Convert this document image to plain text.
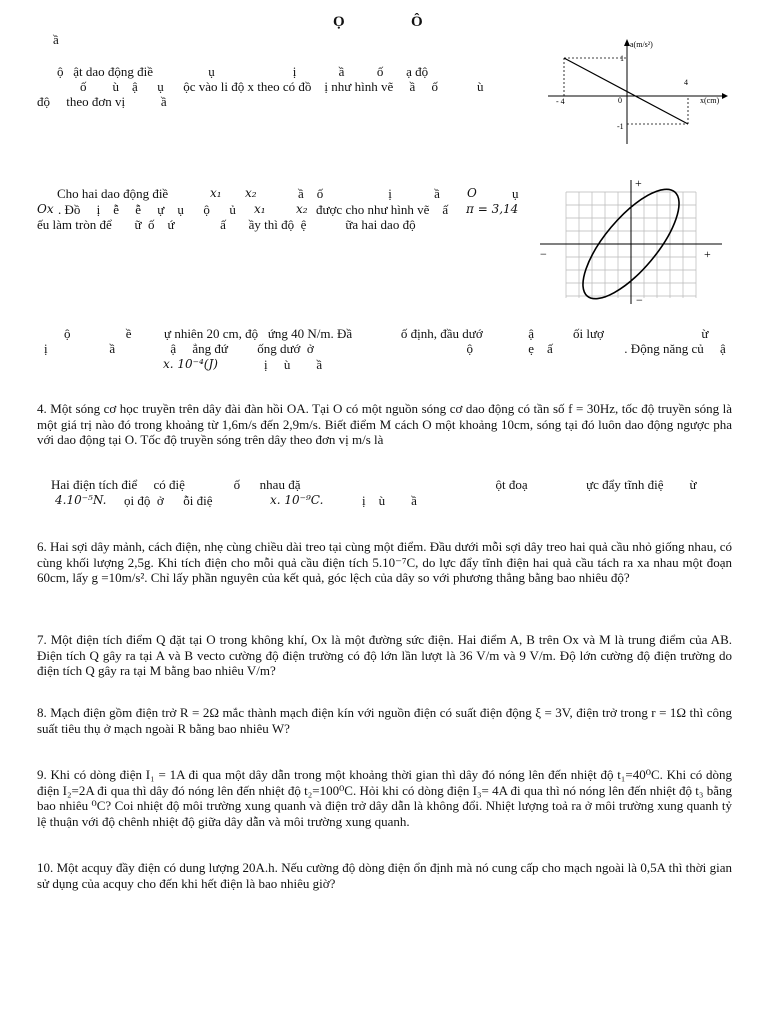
Ọ	Ô
ầ
ộ   ật dao động điề                 ụ                        ị             ầ          ố       ạ độ
ố        ù    ậ      ụ      ộc vào li độ x theo có đồ    ị như hình vẽ     ầ     ố            ù
độ     theo đơn vị           ầ
a(m/s²)
x(cm)
0
1
-1
4
- 4
Cho hai dao động điề	x₁ x₂	ầ    ố                    ị             ầ O	ụ
Ox . Đồ     ị    ễ     ễ     ự    ụ      ộ      ủ x₁	x₂ được cho như hình vẽ    ấ π = 3,14
ếu làm tròn để       ữ  ố    ứ              ấ       ầy thì độ  ệ            ữa hai dao độ
+
−	+
−
ộ                 ề          ự nhiên 20 cm, độ   ứng 40 N/m. Đầ               ố định, đầu dướ              ậ            ối lượ                              ừ
ị                   ầ                 ậ     ẳng đứ         ống dướ  ở                                               ộ                 ẹ    ấ                      . Động năng củ     ậ
x. 10⁻⁴(J)	ị     ù        ầ
4. Một sóng cơ học truyền trên dây đài đàn hồi OA. Tại O có một nguồn sóng cơ dao động có tần số f = 30Hz, tốc độ truyền sóng là một giá trị nào đó trong khoảng từ 1,6m/s đến 2,9m/s. Biết điểm M cách O một khoảng 10cm, sóng tại đó luôn dao động ngược pha với dao động tại O. Tốc độ truyền sóng trên dây theo đơn vị m/s là
Hai điện tích điể     có điệ               ố      nhau đặ                                                            ột đoạ                  ực đẩy tĩnh điệ        ừ
4.10⁻⁵N. ọi độ  ở      ỗi điệ	x. 10⁻⁹C.	ị    ù        ầ
6. Hai sợi dây mảnh, cách điện, nhẹ cùng chiều dài treo tại cùng một điểm. Đầu dưới mỗi sợi dây treo hai quả cầu nhỏ giống nhau, có cùng khối lượng 2,5g. Khi tích điện cho mỗi quả cầu điện tích 5.10⁻⁷C, do lực đẩy tĩnh điện hai quả cầu tách ra xa nhau một đoạn 60cm, lấy g =10m/s². Chỉ lấy phần nguyên của kết quả, góc lệch của dây so với phương thẳng bằng bao nhiêu độ?
7. Một điện tích điểm Q đặt tại O trong không khí, Ox là một đường sức điện. Hai điểm A, B trên Ox và M là trung điểm của AB. Điện tích Q gây ra tại A và B vecto cường độ điện trường có độ lớn lần lượt là 36 V/m và 9 V/m. Độ lớn cường độ điện trường do điện tích Q gây ra tại M bằng bao nhiêu V/m?
8. Mạch điện gồm điện trở R = 2Ω mắc thành mạch điện kín với nguồn điện có suất điện động ξ = 3V, điện trở trong r = 1Ω thì công suất tiêu thụ ở mạch ngoài R bằng bao nhiêu W?
9. Khi có dòng điện I₁ = 1A đi qua một dây dẫn trong một khoảng thời gian thì dây đó nóng lên đến nhiệt độ t₁=40⁰C. Khi có dòng điện I₂=2A đi qua thì dây đó nóng lên đến nhiệt độ t₂=100⁰C. Hỏi khi có dòng điện I₃= 4A đi qua thì nó nóng lên đến nhiệt độ t₃ bằng bao nhiêu ⁰C? Coi nhiệt độ môi trường xung quanh và điện trở dây dẫn là không đổi. Nhiệt lượng toả ra ở môi trường xung quanh tỷ lệ thuận với độ chênh nhiệt độ giữa dây dẫn và môi trường xung quanh.
10. Một acquy đầy điện có dung lượng 20A.h. Nếu cường độ dòng điện ổn định mà nó cung cấp cho mạch ngoài là 0,5A thì thời gian sử dụng của acquy cho đến khi hết điện là bao nhiêu giờ?
